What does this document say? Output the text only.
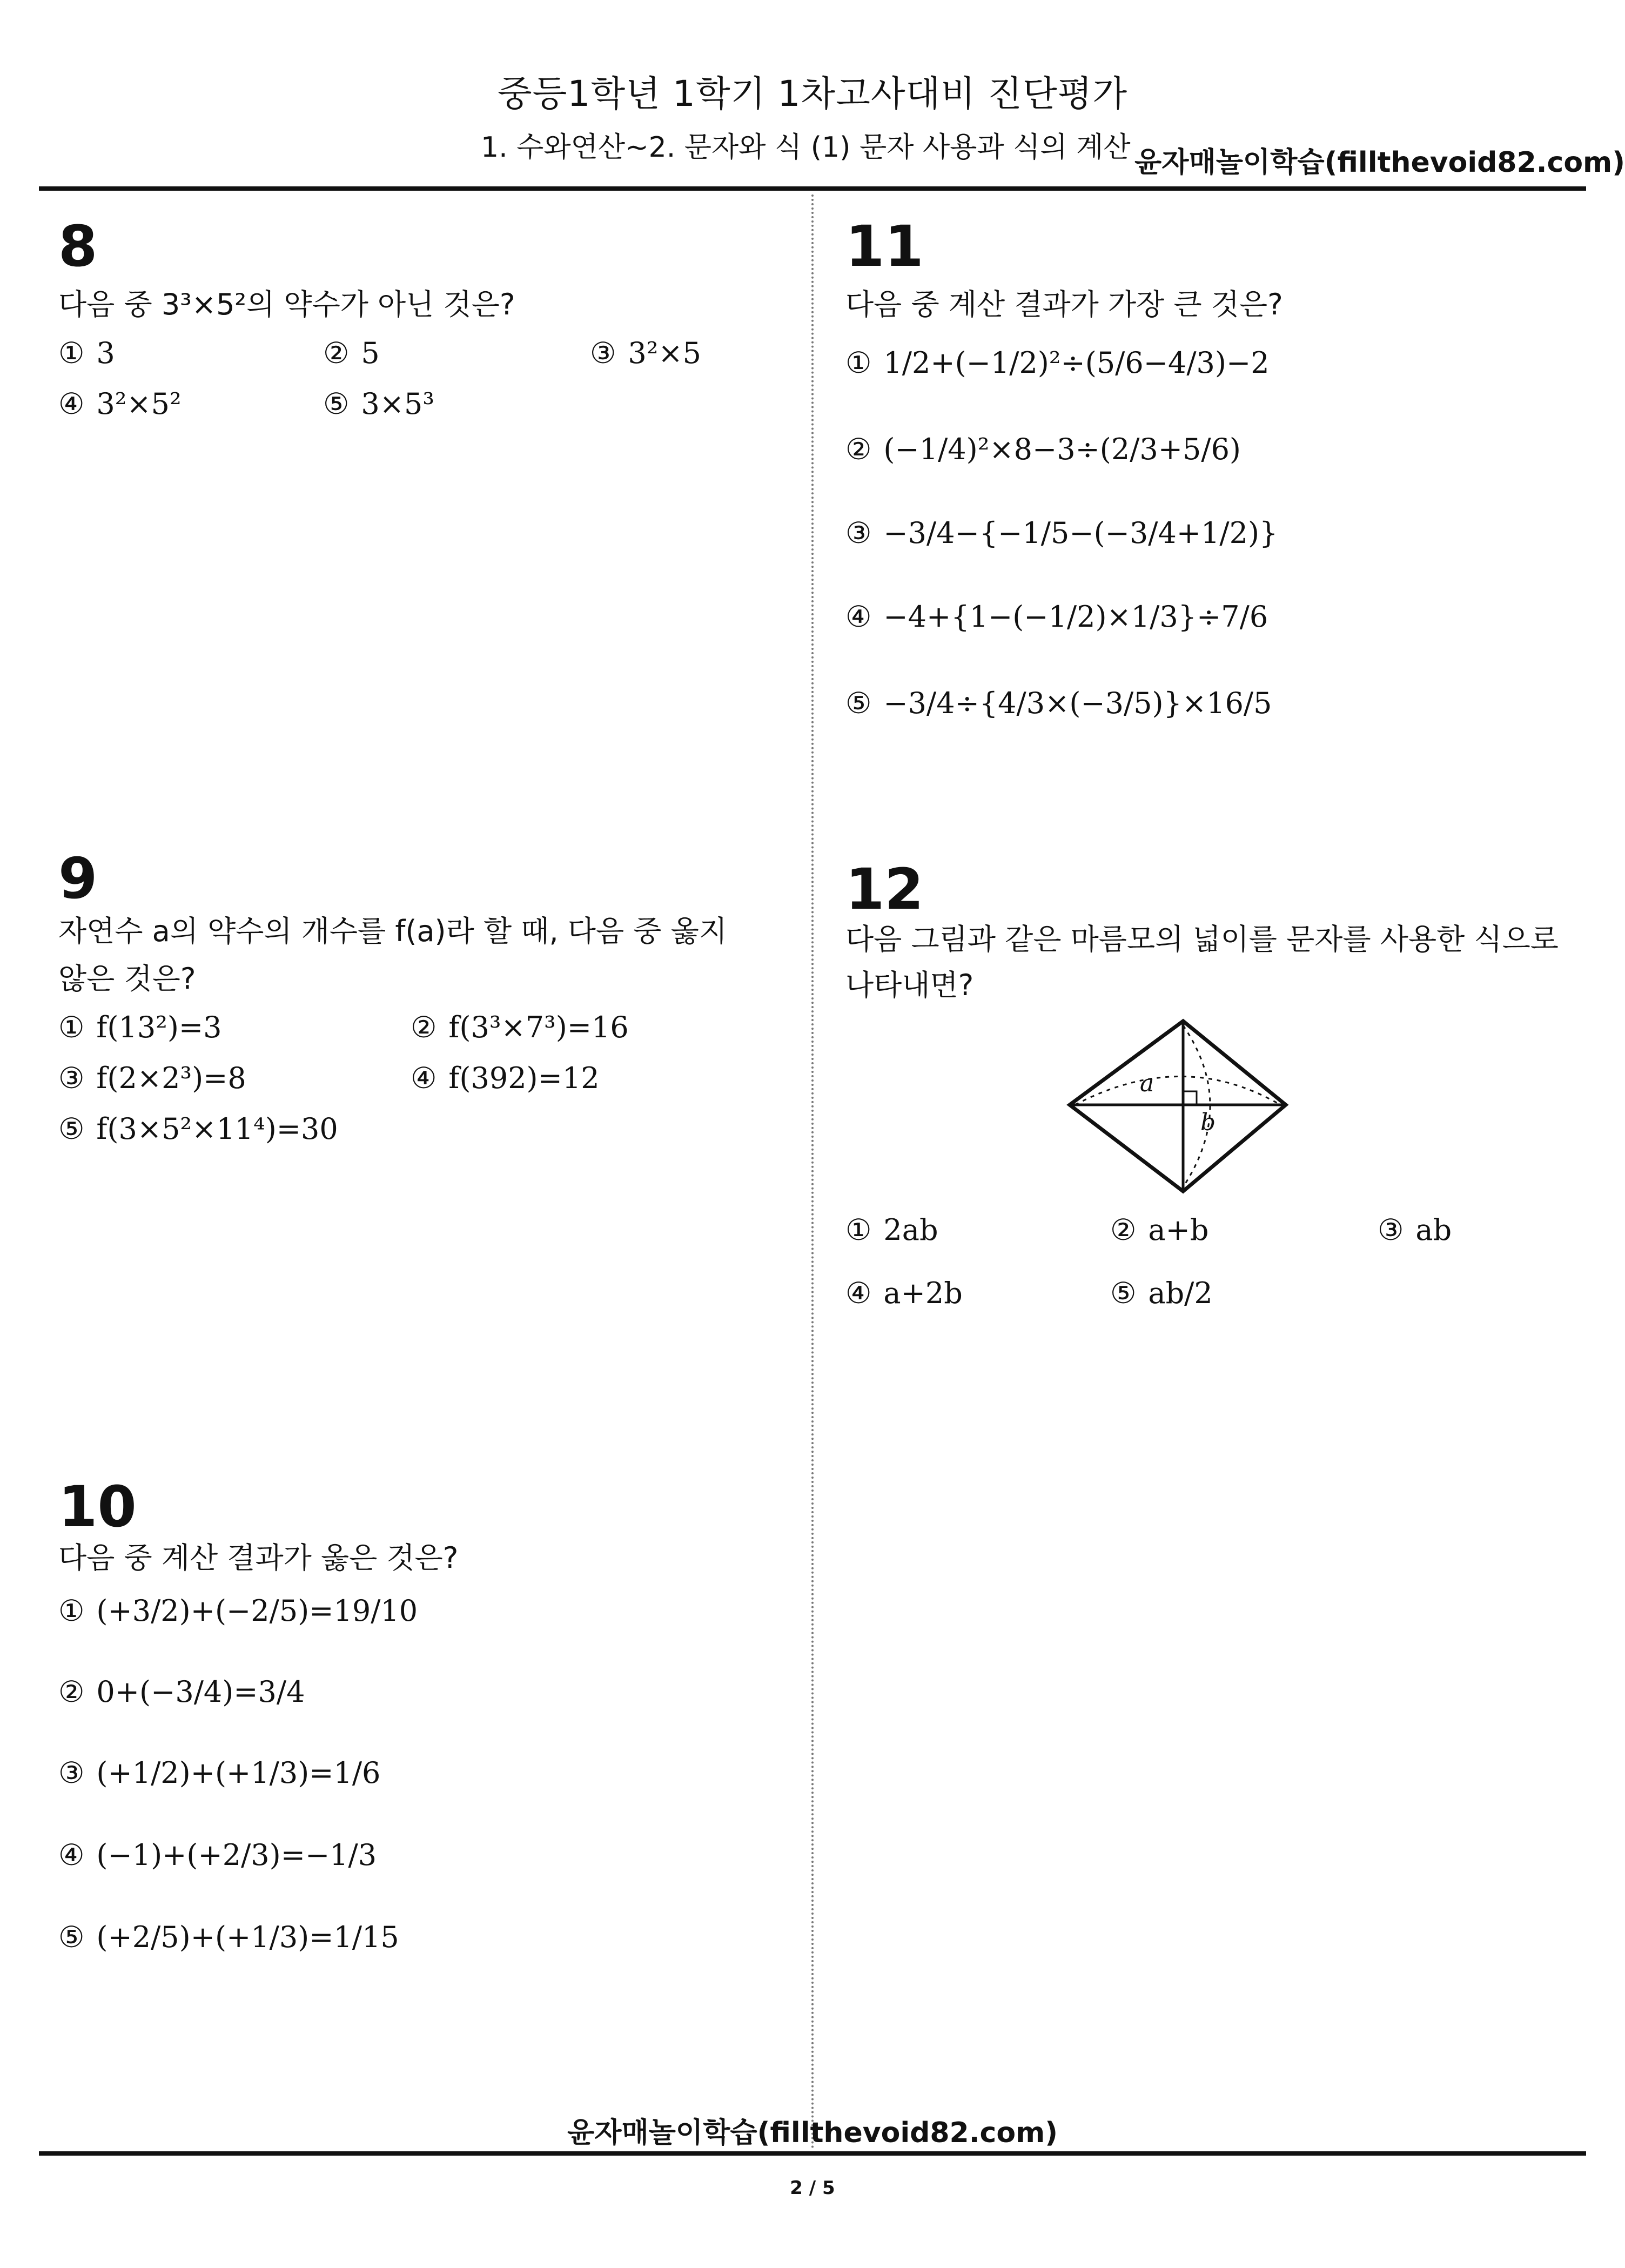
중등1학년 1학기 1차고사대비 진단평가
1. 수와연산~2. 문자와 식 (1) 문자 사용과 식의 계산 윤자매놀이학습(fillthevoid82.com)
8
다음 중 3³×5²의 약수가 아닌 것은?
① 3	② 5	③ 3²×5
④ 3²×5²	⑤ 3×5³
9
자연수 a의 약수의 개수를 f(a)라 할 때, 다음 중 옳지
않은 것은?
① f(13²)=3	② f(3³×7³)=16
③ f(2×2³)=8	④ f(392)=12
⑤ f(3×5²×11⁴)=30
10
다음 중 계산 결과가 옳은 것은?
① (+3/2)+(−2/5)=19/10
② 0+(−3/4)=3/4
③ (+1/2)+(+1/3)=1/6
④ (−1)+(+2/3)=−1/3
⑤ (+2/5)+(+1/3)=1/15
11
다음 중 계산 결과가 가장 큰 것은?
① 1/2+(−1/2)²÷(5/6−4/3)−2
② (−1/4)²×8−3÷(2/3+5/6)
③ −3/4−{−1/5−(−3/4+1/2)}
④ −4+{1−(−1/2)×1/3}÷7/6
⑤ −3/4÷{4/3×(−3/5)}×16/5
12
다음 그림과 같은 마름모의 넓이를 문자를 사용한 식으로
나타내면?
a
b
① 2ab	② a+b	③ ab
④ a+2b	⑤ ab/2
윤자매놀이학습(fillthevoid82.com)
2 / 5
